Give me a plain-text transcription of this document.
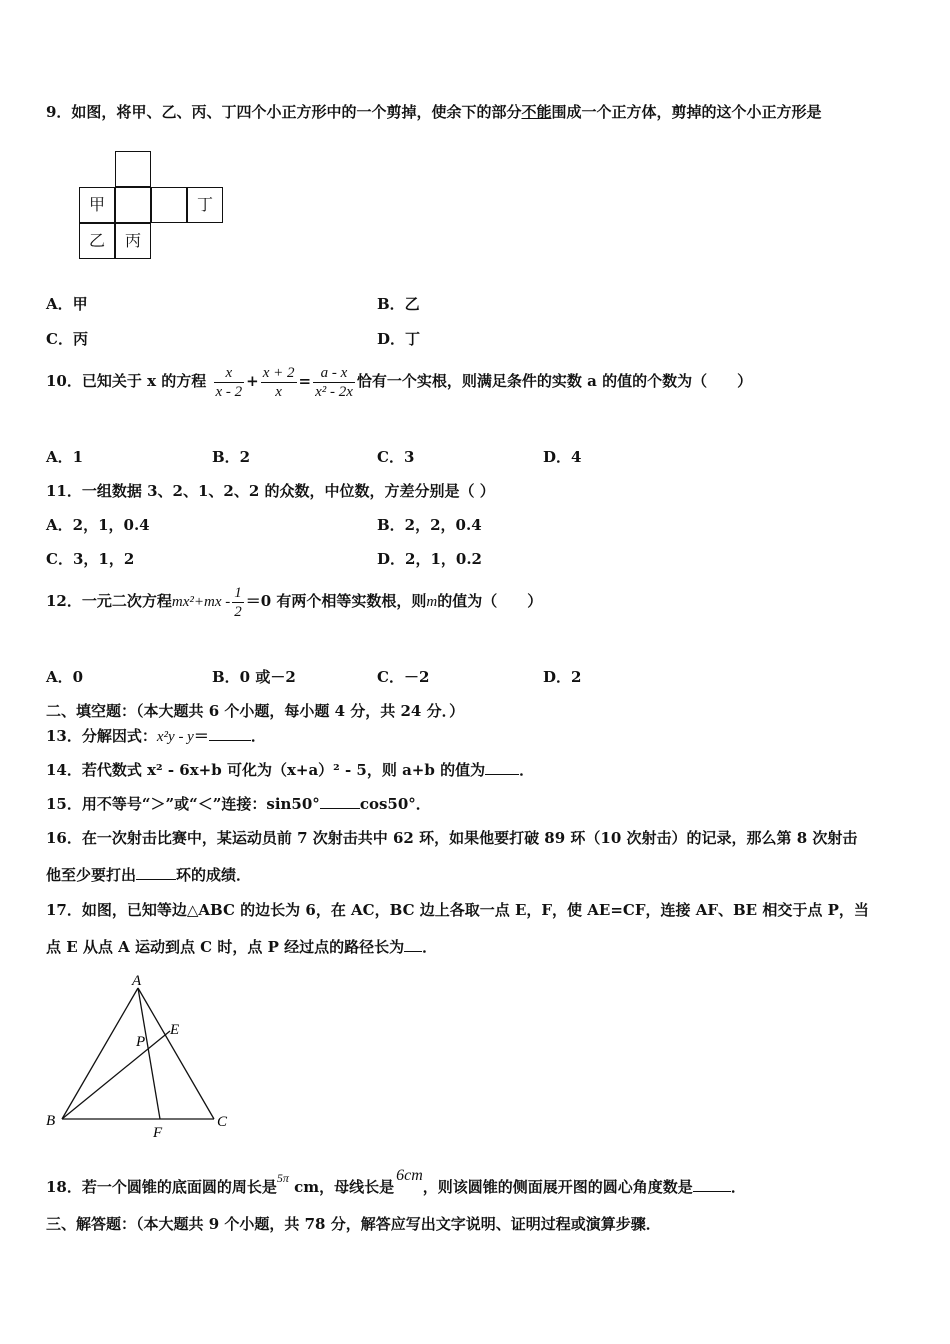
9．如图，将甲、乙、丙、丁四个小正方形中的一个剪掉，使余下的部分不能围成一个正方体，剪掉的这个小正方形是
甲	丁
乙	丙
A．甲	B．乙
C．丙	D．丁
10．已知关于 x 的方程 $\frac{x}{x - 2} + \frac{x + 2}{x} = \frac{a - x}{\text{x² - 2x}}$ 恰有一个实根，则满足条件的实数 a 的值的个数为（　　）
A．1	B．2	C．3	D．4
11．一组数据 3、2、1、2、2 的众数，中位数，方差分别是（ ）
A．2，1，0.4	B．2，2，0.4
C．3，1，2	D．2，1，0.2
12．一元二次方程$mx^2+mx - \frac{1}{2} =0$ 有两个相等实数根，则m的值为（　　）
A．0	B．0 或－2	C．－2	D．2
二、填空题：（本大题共 6 个小题，每小题 4 分，共 24 分．）
13．分解因式：x²y - y＝	．
14．若代数式 x² - 6x+b 可化为（x+a）² - 5，则 a+b 的值为 ．
15．用不等号“＞”或“＜”连接：sin50°	cos50°．
16．在一次射击比赛中，某运动员前 7 次射击共中 62 环，如果他要打破 89 环（10 次射击）的记录，那么第 8 次射击
他至少要打出	环的成绩．
17．如图，已知等边△ABC 的边长为 6，在 AC，BC 边上各取一点 E，F，使 AE=CF，连接 AF、BE 相交于点 P，当
点 E 从点 A 运动到点 C 时，点 P 经过点的路径长为 ．
A
B	C
E
F
P
18．若一个圆锥的底面圆的周长是$^{5\pi}$ cm，母线长是6cm，则该圆锥的侧面展开图的圆心角度数是	．
三、解答题：（本大题共 9 个小题，共 78 分，解答应写出文字说明、证明过程或演算步骤．
